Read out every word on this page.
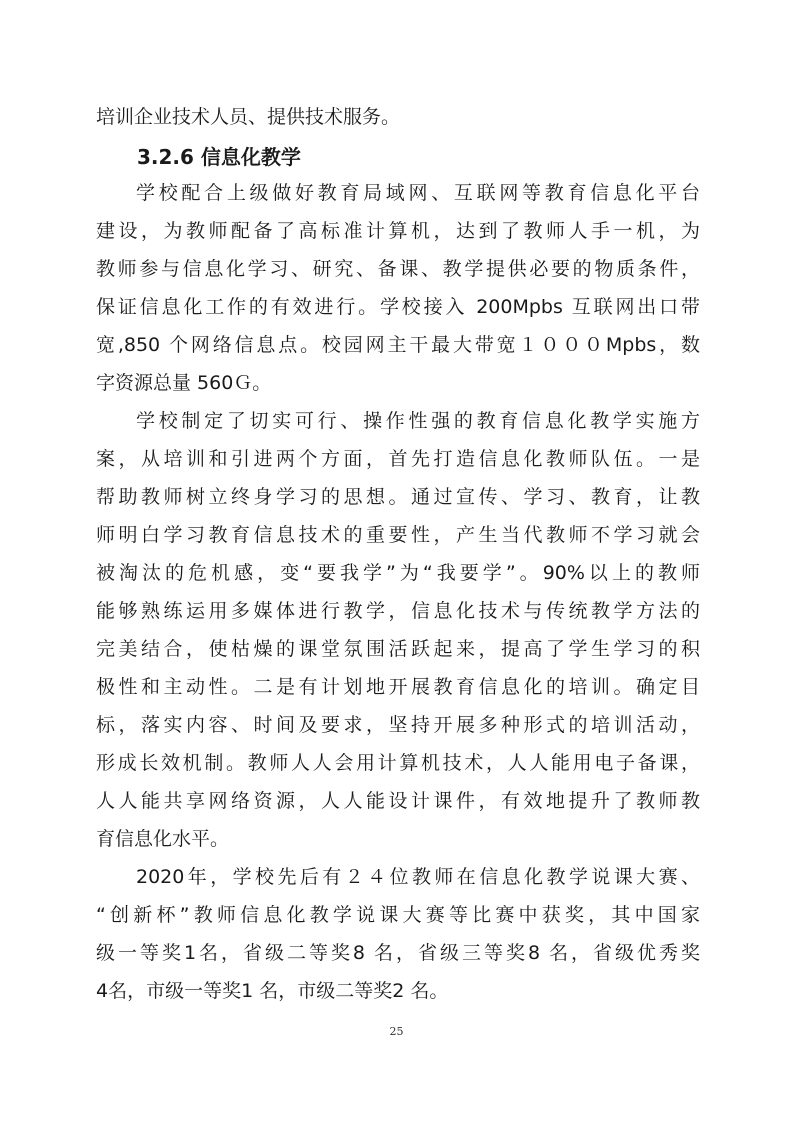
培训企业技术人员、提供技术服务。
3.2.6 信息化教学
学校配合上级做好教育局域网、互联网等教育信息化平台
建设，为教师配备了高标准计算机，达到了教师人手一机，为
教师参与信息化学习、研究、备课、教学提供必要的物质条件，
保证信息化工作的有效进行。学校接入 200Mpbs 互联网出口带
宽,850 个网络信息点。校园网主干最大带宽１０００Mpbs，数
字资源总量 560Ｇ。
学校制定了切实可行、操作性强的教育信息化教学实施方
案，从培训和引进两个方面，首先打造信息化教师队伍。一是
帮助教师树立终身学习的思想。通过宣传、学习、教育，让教
师明白学习教育信息技术的重要性，产生当代教师不学习就会
被淘汰的危机感，变“要我学”为“我要学”。90%以上的教师
能够熟练运用多媒体进行教学，信息化技术与传统教学方法的
完美结合，使枯燥的课堂氛围活跃起来，提高了学生学习的积
极性和主动性。二是有计划地开展教育信息化的培训。确定目
标，落实内容、时间及要求，坚持开展多种形式的培训活动，
形成长效机制。教师人人会用计算机技术，人人能用电子备课，
人人能共享网络资源，人人能设计课件，有效地提升了教师教
育信息化水平。
2020年，学校先后有２４位教师在信息化教学说课大赛、
“创新杯”教师信息化教学说课大赛等比赛中获奖，其中国家
级一等奖1名，省级二等奖8 名，省级三等奖8 名，省级优秀奖
4名，市级一等奖1 名，市级二等奖2 名。
25
